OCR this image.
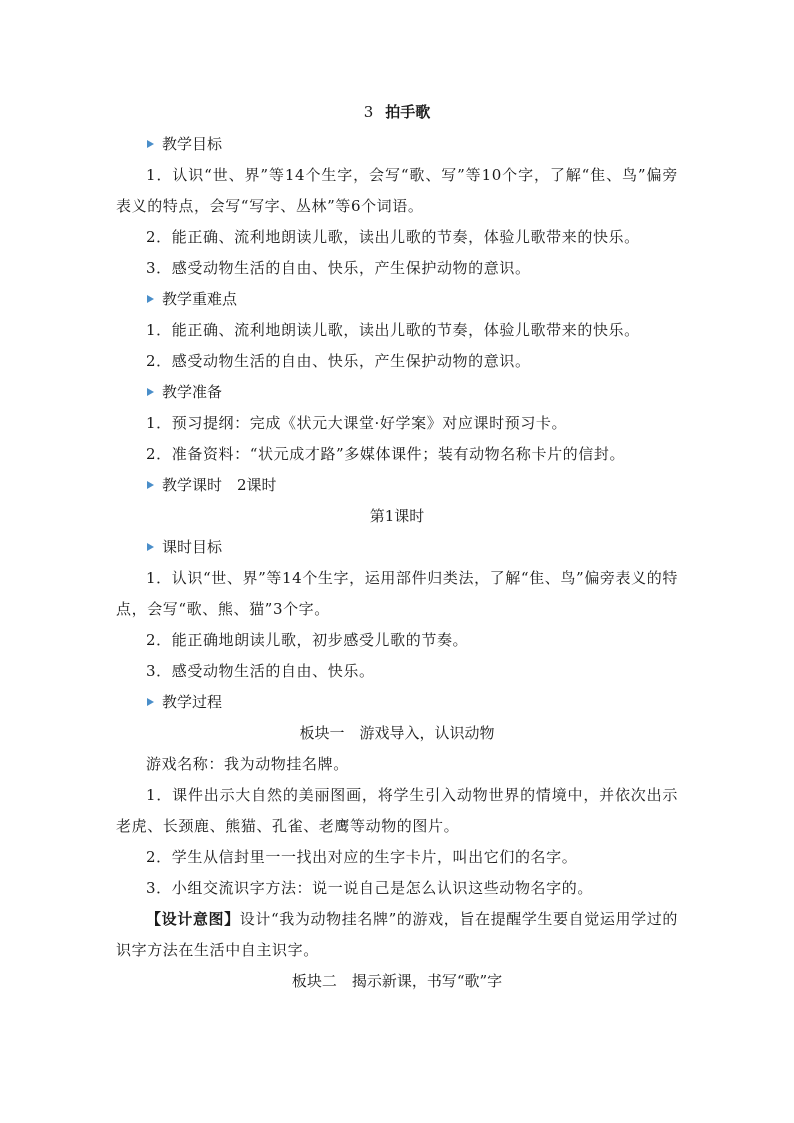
3 拍手歌
教学目标

1．认识“世、界”等14个生字，会写“歌、写”等10个字，了解“隹、鸟”偏旁表义的特点，会写“写字、丛林”等6个词语。

2．能正确、流利地朗读儿歌，读出儿歌的节奏，体验儿歌带来的快乐。

3．感受动物生活的自由、快乐，产生保护动物的意识。

教学重难点

1．能正确、流利地朗读儿歌，读出儿歌的节奏，体验儿歌带来的快乐。

2．感受动物生活的自由、快乐，产生保护动物的意识。

教学准备

1．预习提纲：完成《状元大课堂·好学案》对应课时预习卡。

2．准备资料：“状元成才路”多媒体课件；装有动物名称卡片的信封。

教学课时　2课时
第1课时
课时目标

1．认识“世、界”等14个生字，运用部件归类法，了解“隹、鸟”偏旁表义的特点，会写“歌、熊、猫”3个字。

2．能正确地朗读儿歌，初步感受儿歌的节奏。

3．感受动物生活的自由、快乐。

教学过程
板块一　游戏导入，认识动物

游戏名称：我为动物挂名牌。

1．课件出示大自然的美丽图画，将学生引入动物世界的情境中，并依次出示老虎、长颈鹿、熊猫、孔雀、老鹰等动物的图片。

2．学生从信封里一一找出对应的生字卡片，叫出它们的名字。

3．小组交流识字方法：说一说自己是怎么认识这些动物名字的。

【设计意图】设计“我为动物挂名牌”的游戏，旨在提醒学生要自觉运用学过的识字方法在生活中自主识字。

板块二　揭示新课，书写“歌”字
